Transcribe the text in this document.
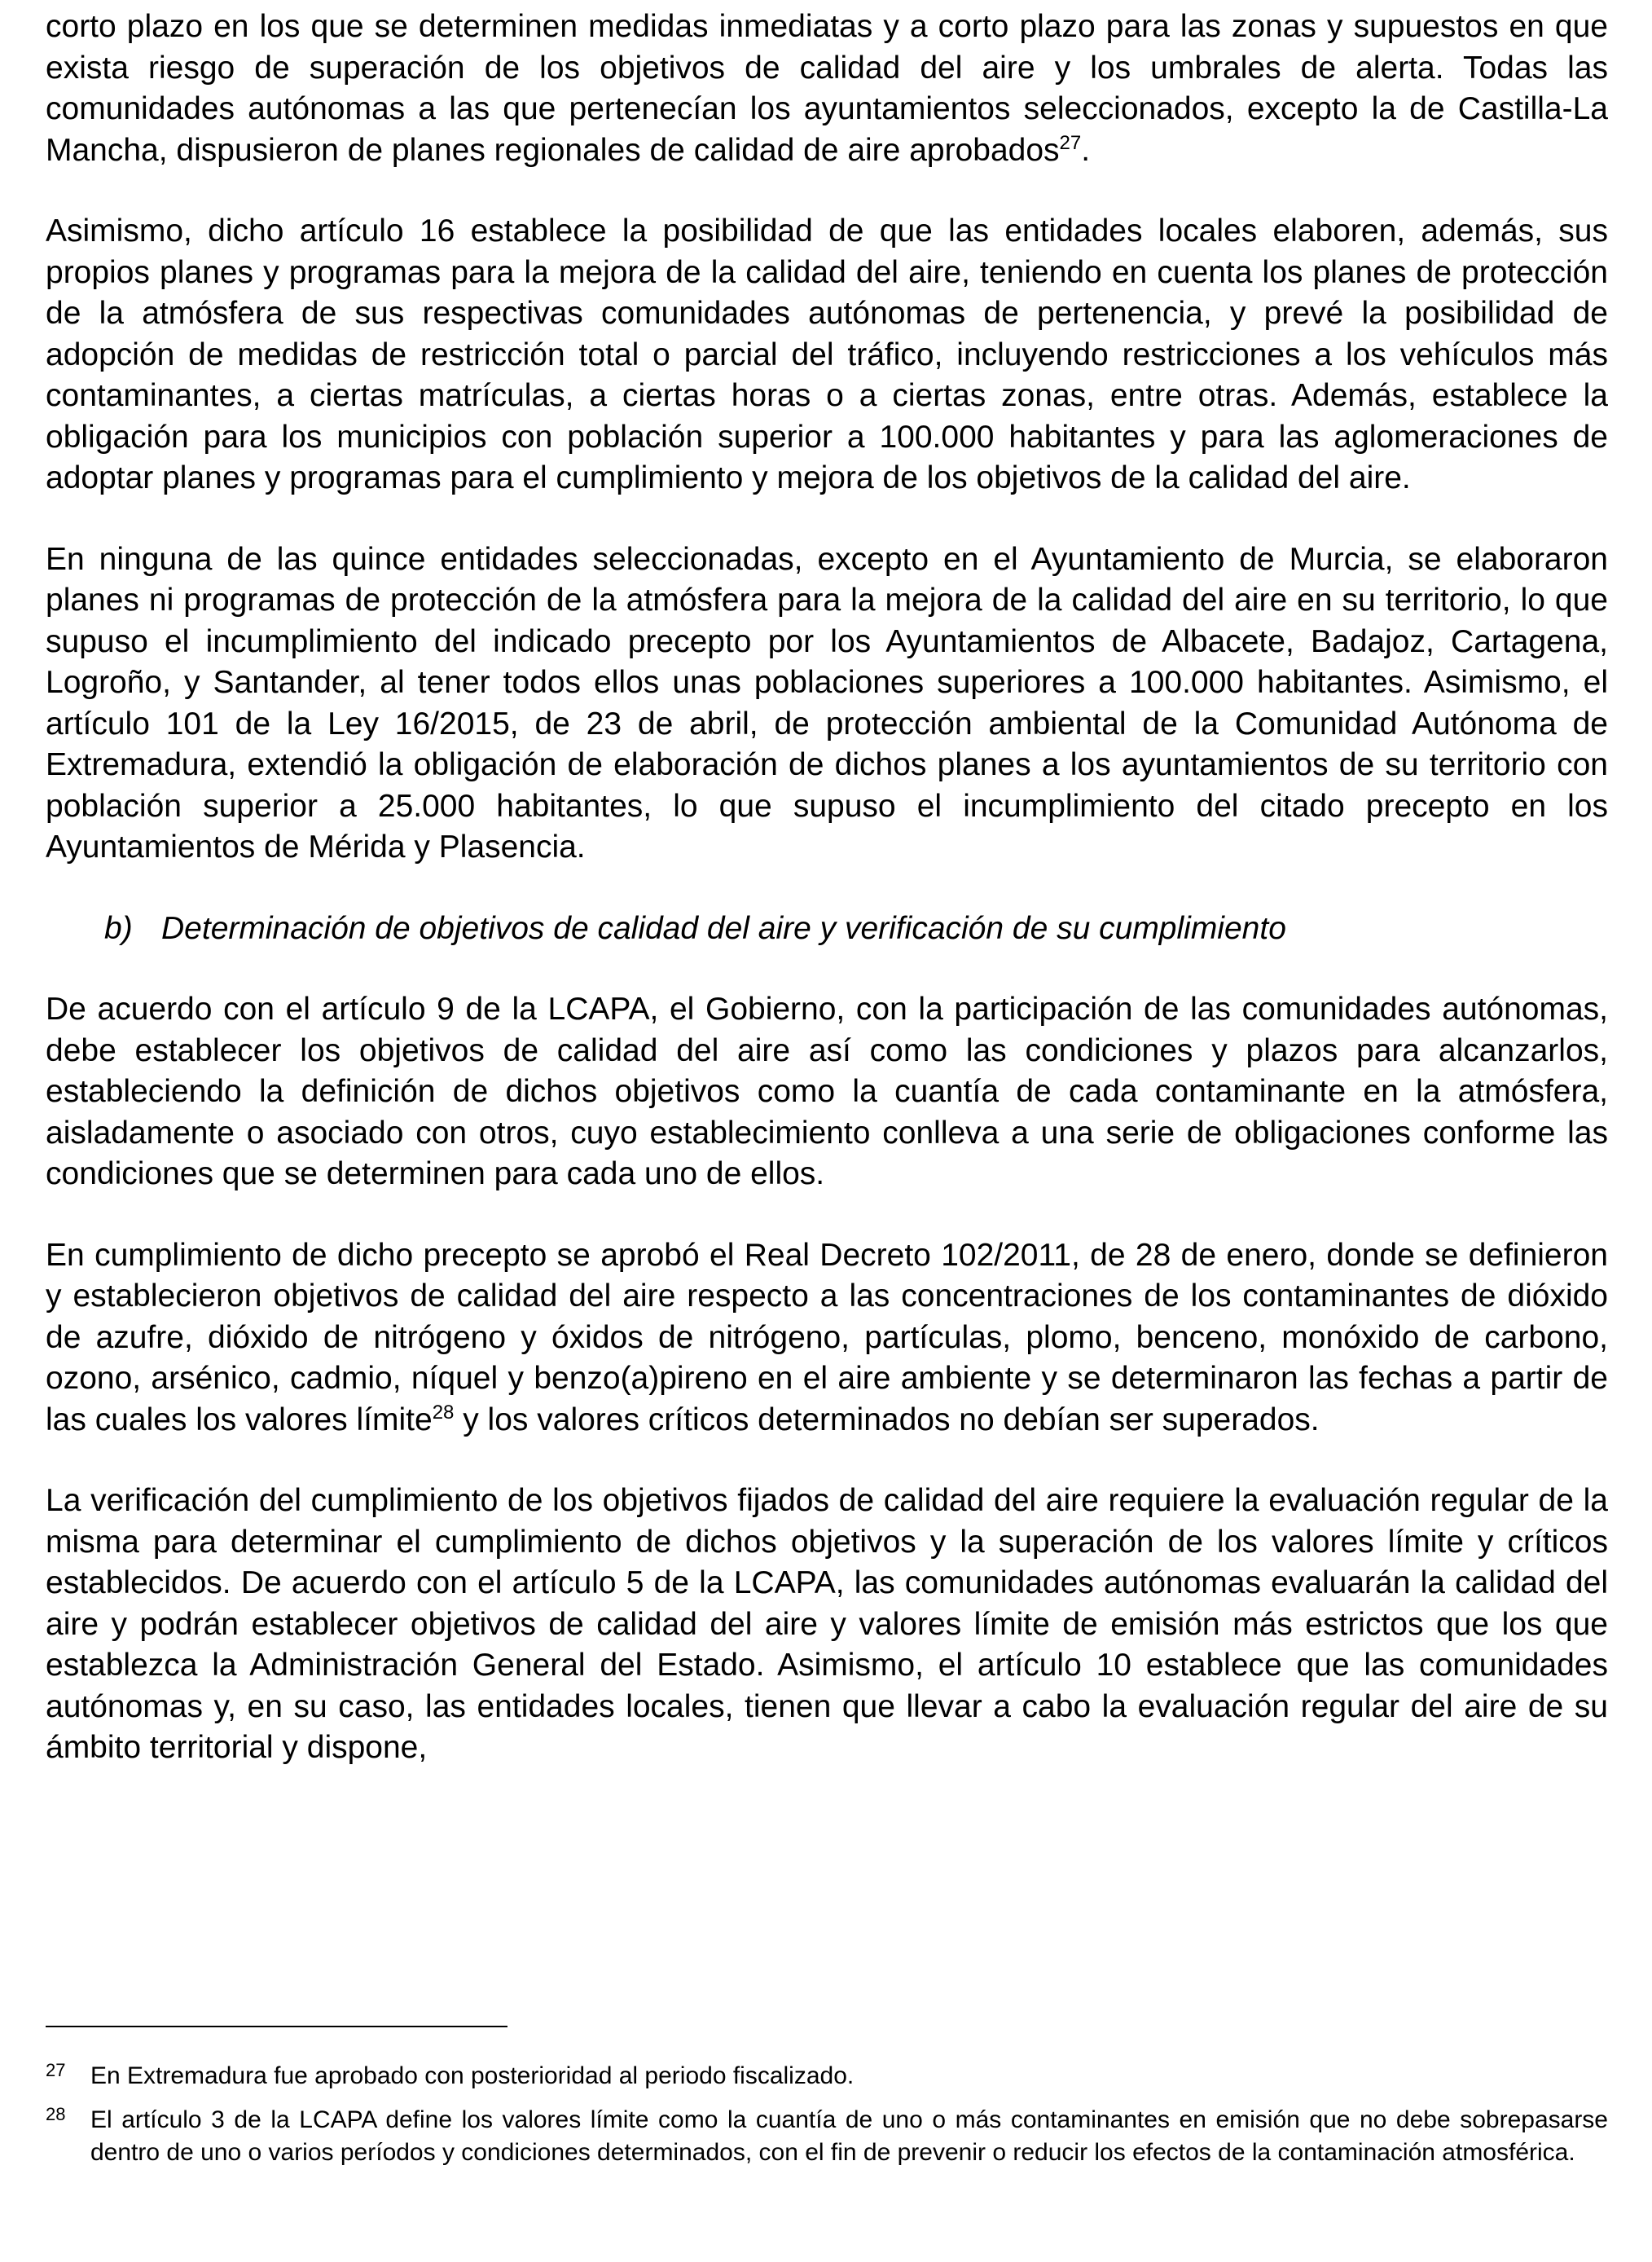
corto plazo en los que se determinen medidas inmediatas y a corto plazo para las zonas y supuestos en que exista riesgo de superación de los objetivos de calidad del aire y los umbrales de alerta. Todas las comunidades autónomas a las que pertenecían los ayuntamientos seleccionados, excepto la de Castilla-La Mancha, dispusieron de planes regionales de calidad de aire aprobados$^{27}$.

Asimismo, dicho artículo 16 establece la posibilidad de que las entidades locales elaboren, además, sus propios planes y programas para la mejora de la calidad del aire, teniendo en cuenta los planes de protección de la atmósfera de sus respectivas comunidades autónomas de pertenencia, y prevé la posibilidad de adopción de medidas de restricción total o parcial del tráfico, incluyendo restricciones a los vehículos más contaminantes, a ciertas matrículas, a ciertas horas o a ciertas zonas, entre otras. Además, establece la obligación para los municipios con población superior a 100.000 habitantes y para las aglomeraciones de adoptar planes y programas para el cumplimiento y mejora de los objetivos de la calidad del aire.

En ninguna de las quince entidades seleccionadas, excepto en el Ayuntamiento de Murcia, se elaboraron planes ni programas de protección de la atmósfera para la mejora de la calidad del aire en su territorio, lo que supuso el incumplimiento del indicado precepto por los Ayuntamientos de Albacete, Badajoz, Cartagena, Logroño, y Santander, al tener todos ellos unas poblaciones superiores a 100.000 habitantes. Asimismo, el artículo 101 de la Ley 16/2015, de 23 de abril, de protección ambiental de la Comunidad Autónoma de Extremadura, extendió la obligación de elaboración de dichos planes a los ayuntamientos de su territorio con población superior a 25.000 habitantes, lo que supuso el incumplimiento del citado precepto en los Ayuntamientos de Mérida y Plasencia.

b) Determinación de objetivos de calidad del aire y verificación de su cumplimiento

De acuerdo con el artículo 9 de la LCAPA, el Gobierno, con la participación de las comunidades autónomas, debe establecer los objetivos de calidad del aire así como las condiciones y plazos para alcanzarlos, estableciendo la definición de dichos objetivos como la cuantía de cada contaminante en la atmósfera, aisladamente o asociado con otros, cuyo establecimiento conlleva a una serie de obligaciones conforme las condiciones que se determinen para cada uno de ellos.

En cumplimiento de dicho precepto se aprobó el Real Decreto 102/2011, de 28 de enero, donde se definieron y establecieron objetivos de calidad del aire respecto a las concentraciones de los contaminantes de dióxido de azufre, dióxido de nitrógeno y óxidos de nitrógeno, partículas, plomo, benceno, monóxido de carbono, ozono, arsénico, cadmio, níquel y benzo(a)pireno en el aire ambiente y se determinaron las fechas a partir de las cuales los valores límite$^{28}$ y los valores críticos determinados no debían ser superados.

La verificación del cumplimiento de los objetivos fijados de calidad del aire requiere la evaluación regular de la misma para determinar el cumplimiento de dichos objetivos y la superación de los valores límite y críticos establecidos. De acuerdo con el artículo 5 de la LCAPA, las comunidades autónomas evaluarán la calidad del aire y podrán establecer objetivos de calidad del aire y valores límite de emisión más estrictos que los que establezca la Administración General del Estado. Asimismo, el artículo 10 establece que las comunidades autónomas y, en su caso, las entidades locales, tienen que llevar a cabo la evaluación regular del aire de su ámbito territorial y dispone,

27	En Extremadura fue aprobado con posterioridad al periodo fiscalizado.
28	El artículo 3 de la LCAPA define los valores límite como la cuantía de uno o más contaminantes en emisión que no debe sobrepasarse dentro de uno o varios períodos y condiciones determinados, con el fin de prevenir o reducir los efectos de la contaminación atmosférica.
